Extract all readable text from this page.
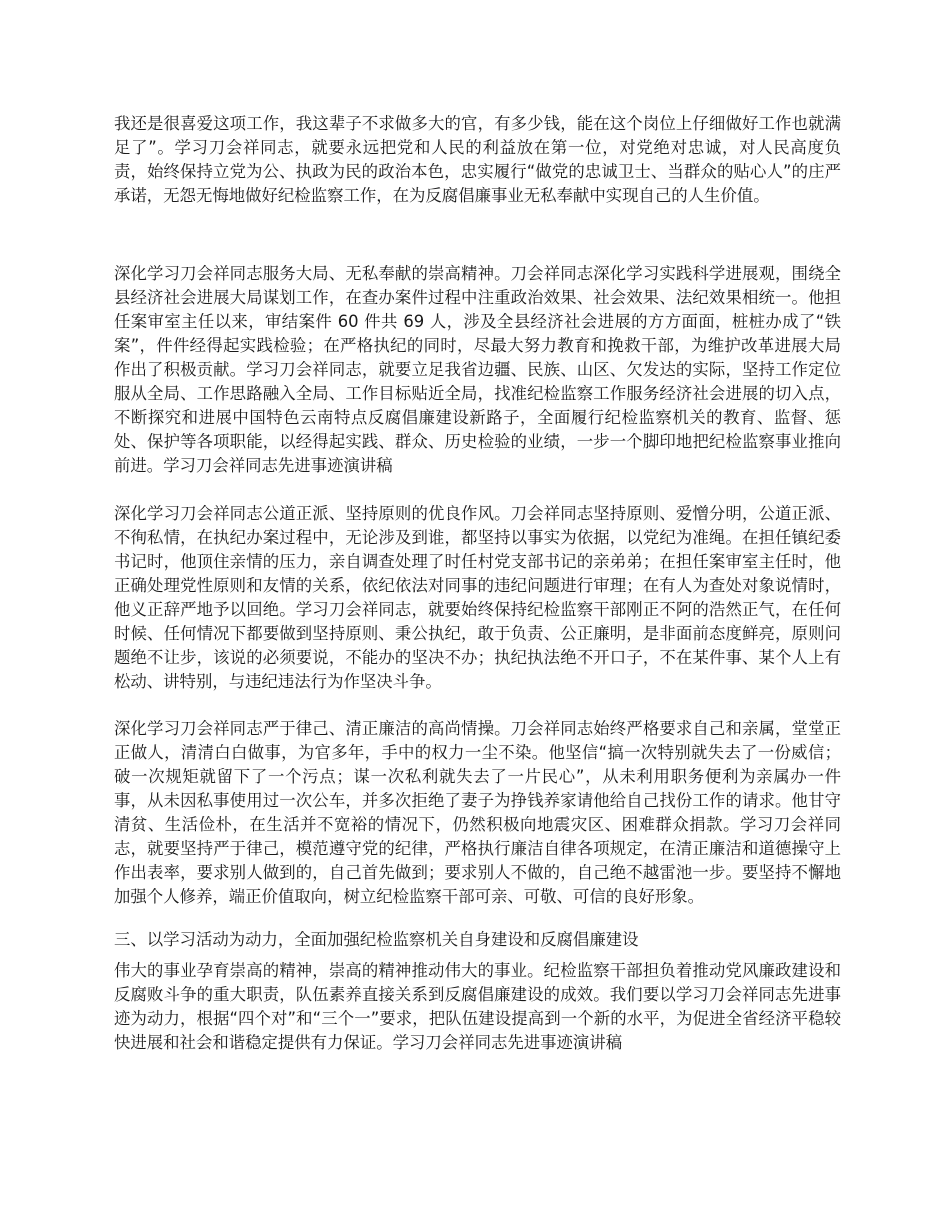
我还是很喜爱这项工作，我这辈子不求做多大的官，有多少钱，能在这个岗位上仔细做好工作也就满足了”。学习刀会祥同志，就要永远把党和人民的利益放在第一位，对党绝对忠诚，对人民高度负责，始终保持立党为公、执政为民的政治本色，忠实履行“做党的忠诚卫士、当群众的贴心人”的庄严承诺，无怨无悔地做好纪检监察工作，在为反腐倡廉事业无私奉献中实现自己的人生价值。

深化学习刀会祥同志服务大局、无私奉献的崇高精神。刀会祥同志深化学习实践科学进展观，围绕全县经济社会进展大局谋划工作，在查办案件过程中注重政治效果、社会效果、法纪效果相统一。他担任案审室主任以来，审结案件 60 件共 69 人，涉及全县经济社会进展的方方面面，桩桩办成了“铁案”，件件经得起实践检验；在严格执纪的同时，尽最大努力教育和挽救干部，为维护改革进展大局作出了积极贡献。学习刀会祥同志，就要立足我省边疆、民族、山区、欠发达的实际，坚持工作定位服从全局、工作思路融入全局、工作目标贴近全局，找准纪检监察工作服务经济社会进展的切入点，不断探究和进展中国特色云南特点反腐倡廉建设新路子，全面履行纪检监察机关的教育、监督、惩处、保护等各项职能，以经得起实践、群众、历史检验的业绩，一步一个脚印地把纪检监察事业推向前进。学习刀会祥同志先进事迹演讲稿

深化学习刀会祥同志公道正派、坚持原则的优良作风。刀会祥同志坚持原则、爱憎分明，公道正派、不徇私情，在执纪办案过程中，无论涉及到谁，都坚持以事实为依据，以党纪为准绳。在担任镇纪委书记时，他顶住亲情的压力，亲自调查处理了时任村党支部书记的亲弟弟；在担任案审室主任时，他正确处理党性原则和友情的关系，依纪依法对同事的违纪问题进行审理；在有人为查处对象说情时，他义正辞严地予以回绝。学习刀会祥同志，就要始终保持纪检监察干部刚正不阿的浩然正气，在任何时候、任何情况下都要做到坚持原则、秉公执纪，敢于负责、公正廉明，是非面前态度鲜亮，原则问题绝不让步，该说的必须要说，不能办的坚决不办；执纪执法绝不开口子，不在某件事、某个人上有松动、讲特别，与违纪违法行为作坚决斗争。

深化学习刀会祥同志严于律己、清正廉洁的高尚情操。刀会祥同志始终严格要求自己和亲属，堂堂正正做人，清清白白做事，为官多年，手中的权力一尘不染。他坚信“搞一次特别就失去了一份威信；破一次规矩就留下了一个污点；谋一次私利就失去了一片民心”，从未利用职务便利为亲属办一件事，从未因私事使用过一次公车，并多次拒绝了妻子为挣钱养家请他给自己找份工作的请求。他甘守清贫、生活俭朴，在生活并不宽裕的情况下，仍然积极向地震灾区、困难群众捐款。学习刀会祥同志，就要坚持严于律己，模范遵守党的纪律，严格执行廉洁自律各项规定，在清正廉洁和道德操守上作出表率，要求别人做到的，自己首先做到；要求别人不做的，自己绝不越雷池一步。要坚持不懈地加强个人修养，端正价值取向，树立纪检监察干部可亲、可敬、可信的良好形象。

三、以学习活动为动力，全面加强纪检监察机关自身建设和反腐倡廉建设

伟大的事业孕育崇高的精神，崇高的精神推动伟大的事业。纪检监察干部担负着推动党风廉政建设和反腐败斗争的重大职责，队伍素养直接关系到反腐倡廉建设的成效。我们要以学习刀会祥同志先进事迹为动力，根据“四个对”和“三个一”要求，把队伍建设提高到一个新的水平，为促进全省经济平稳较快进展和社会和谐稳定提供有力保证。学习刀会祥同志先进事迹演讲稿
